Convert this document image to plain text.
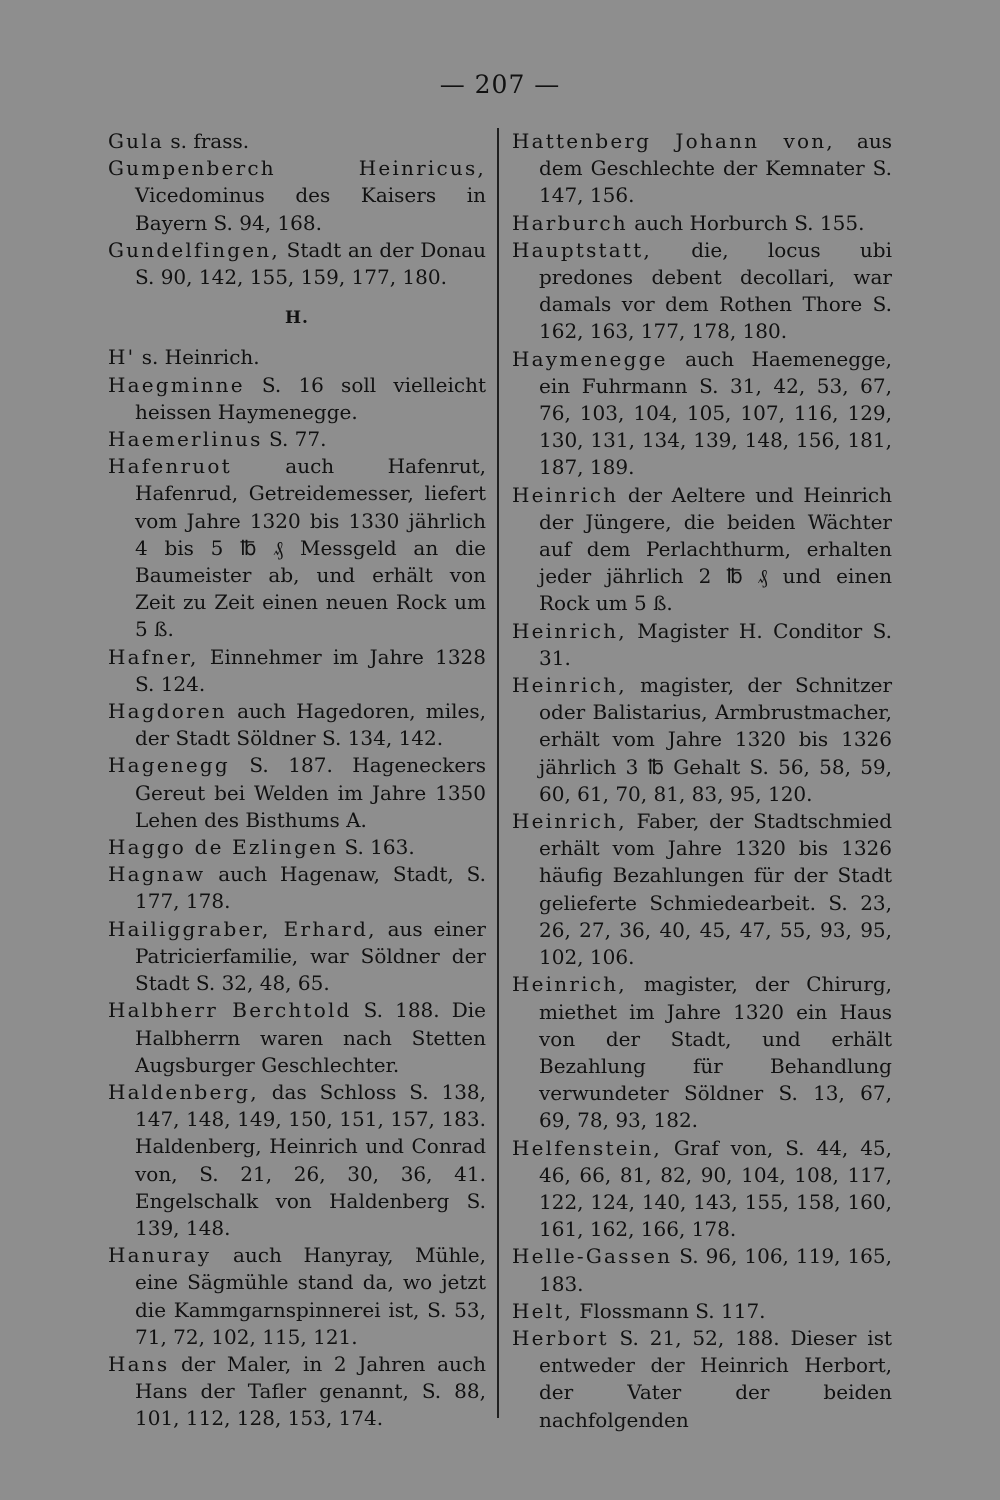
— 207 —
Gula s. frass.
Gumpenberch Heinricus, Vicedominus des Kaisers in Bayern S. 94, 168.
Gundelfingen, Stadt an der Donau S. 90, 142, 155, 159, 177, 180.
H.
H' s. Heinrich.
Haegminne S. 16 soll vielleicht heissen Haymenegge.
Haemerlinus S. 77.
Hafenruot auch Hafenrut, Hafenrud, Getreidemesser, liefert vom Jahre 1320 bis 1330 jährlich 4 bis 5 ℔ ₰ Messgeld an die Baumeister ab, und erhält von Zeit zu Zeit einen neuen Rock um 5 ß.
Hafner, Einnehmer im Jahre 1328 S. 124.
Hagdoren auch Hagedoren, miles, der Stadt Söldner S. 134, 142.
Hagenegg S. 187. Hageneckers Gereut bei Welden im Jahre 1350 Lehen des Bisthums A.
Haggo de Ezlingen S. 163.
Hagnaw auch Hagenaw, Stadt, S. 177, 178.
Hailiggraber, Erhard, aus einer Patricierfamilie, war Söldner der Stadt S. 32, 48, 65.
Halbherr Berchtold S. 188. Die Halbherrn waren nach Stetten Augsburger Geschlechter.
Haldenberg, das Schloss S. 138, 147, 148, 149, 150, 151, 157, 183. Haldenberg, Heinrich und Conrad von, S. 21, 26, 30, 36, 41. Engelschalk von Haldenberg S. 139, 148.
Hanuray auch Hanyray, Mühle, eine Sägmühle stand da, wo jetzt die Kammgarnspinnerei ist, S. 53, 71, 72, 102, 115, 121.
Hans der Maler, in 2 Jahren auch Hans der Tafler genannt, S. 88, 101, 112, 128, 153, 174.
Hattenberg Johann von, aus dem Geschlechte der Kemnater S. 147, 156.
Harburch auch Horburch S. 155.
Hauptstatt, die, locus ubi predones debent decollari, war damals vor dem Rothen Thore S. 162, 163, 177, 178, 180.
Haymenegge auch Haemenegge, ein Fuhrmann S. 31, 42, 53, 67, 76, 103, 104, 105, 107, 116, 129, 130, 131, 134, 139, 148, 156, 181, 187, 189.
Heinrich der Aeltere und Heinrich der Jüngere, die beiden Wächter auf dem Perlachthurm, erhalten jeder jährlich 2 ℔ ₰ und einen Rock um 5 ß.
Heinrich, Magister H. Conditor S. 31.
Heinrich, magister, der Schnitzer oder Balistarius, Armbrustmacher, erhält vom Jahre 1320 bis 1326 jährlich 3 ℔ Gehalt S. 56, 58, 59, 60, 61, 70, 81, 83, 95, 120.
Heinrich, Faber, der Stadtschmied erhält vom Jahre 1320 bis 1326 häufig Bezahlungen für der Stadt gelieferte Schmiedearbeit. S. 23, 26, 27, 36, 40, 45, 47, 55, 93, 95, 102, 106.
Heinrich, magister, der Chirurg, miethet im Jahre 1320 ein Haus von der Stadt, und erhält Bezahlung für Behandlung verwundeter Söldner S. 13, 67, 69, 78, 93, 182.
Helfenstein, Graf von, S. 44, 45, 46, 66, 81, 82, 90, 104, 108, 117, 122, 124, 140, 143, 155, 158, 160, 161, 162, 166, 178.
Helle-Gassen S. 96, 106, 119, 165, 183.
Helt, Flossmann S. 117.
Herbort S. 21, 52, 188. Dieser ist entweder der Heinrich Herbort, der Vater der beiden nachfolgenden
